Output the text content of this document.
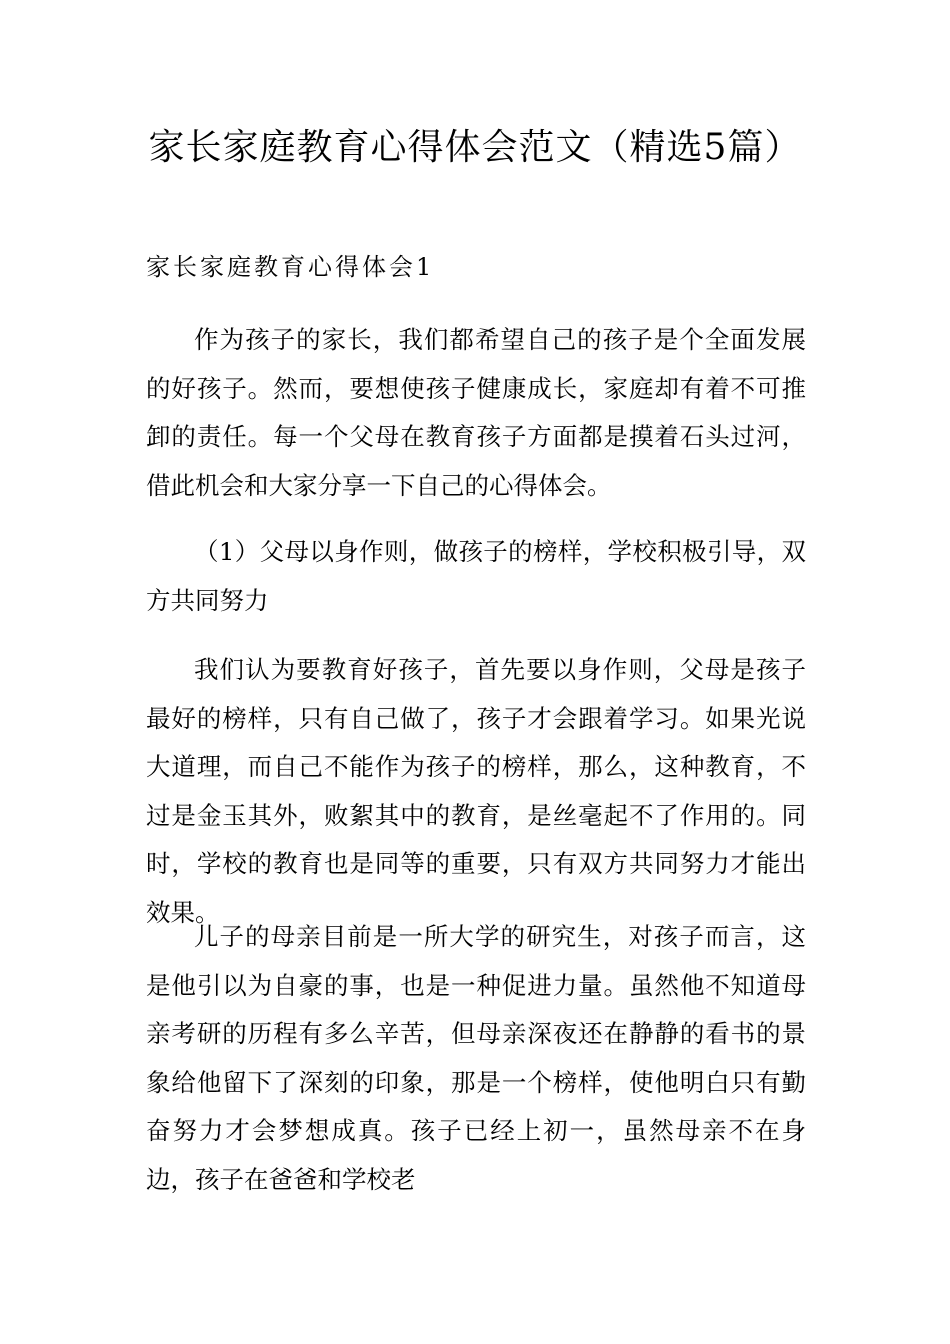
家长家庭教育心得体会范文（精选5篇）
家长家庭教育心得体会1

作为孩子的家长，我们都希望自己的孩子是个全面发展的好孩子。然而，要想使孩子健康成长，家庭却有着不可推卸的责任。每一个父母在教育孩子方面都是摸着石头过河，借此机会和大家分享一下自己的心得体会。

（1）父母以身作则，做孩子的榜样，学校积极引导，双方共同努力

我们认为要教育好孩子，首先要以身作则，父母是孩子最好的榜样，只有自己做了，孩子才会跟着学习。如果光说大道理，而自己不能作为孩子的榜样，那么，这种教育，不过是金玉其外，败絮其中的教育，是丝毫起不了作用的。同时，学校的教育也是同等的重要，只有双方共同努力才能出效果。

儿子的母亲目前是一所大学的研究生，对孩子而言，这是他引以为自豪的事，也是一种促进力量。虽然他不知道母亲考研的历程有多么辛苦，但母亲深夜还在静静的看书的景象给他留下了深刻的印象，那是一个榜样，使他明白只有勤奋努力才会梦想成真。孩子已经上初一，虽然母亲不在身边，孩子在爸爸和学校老
